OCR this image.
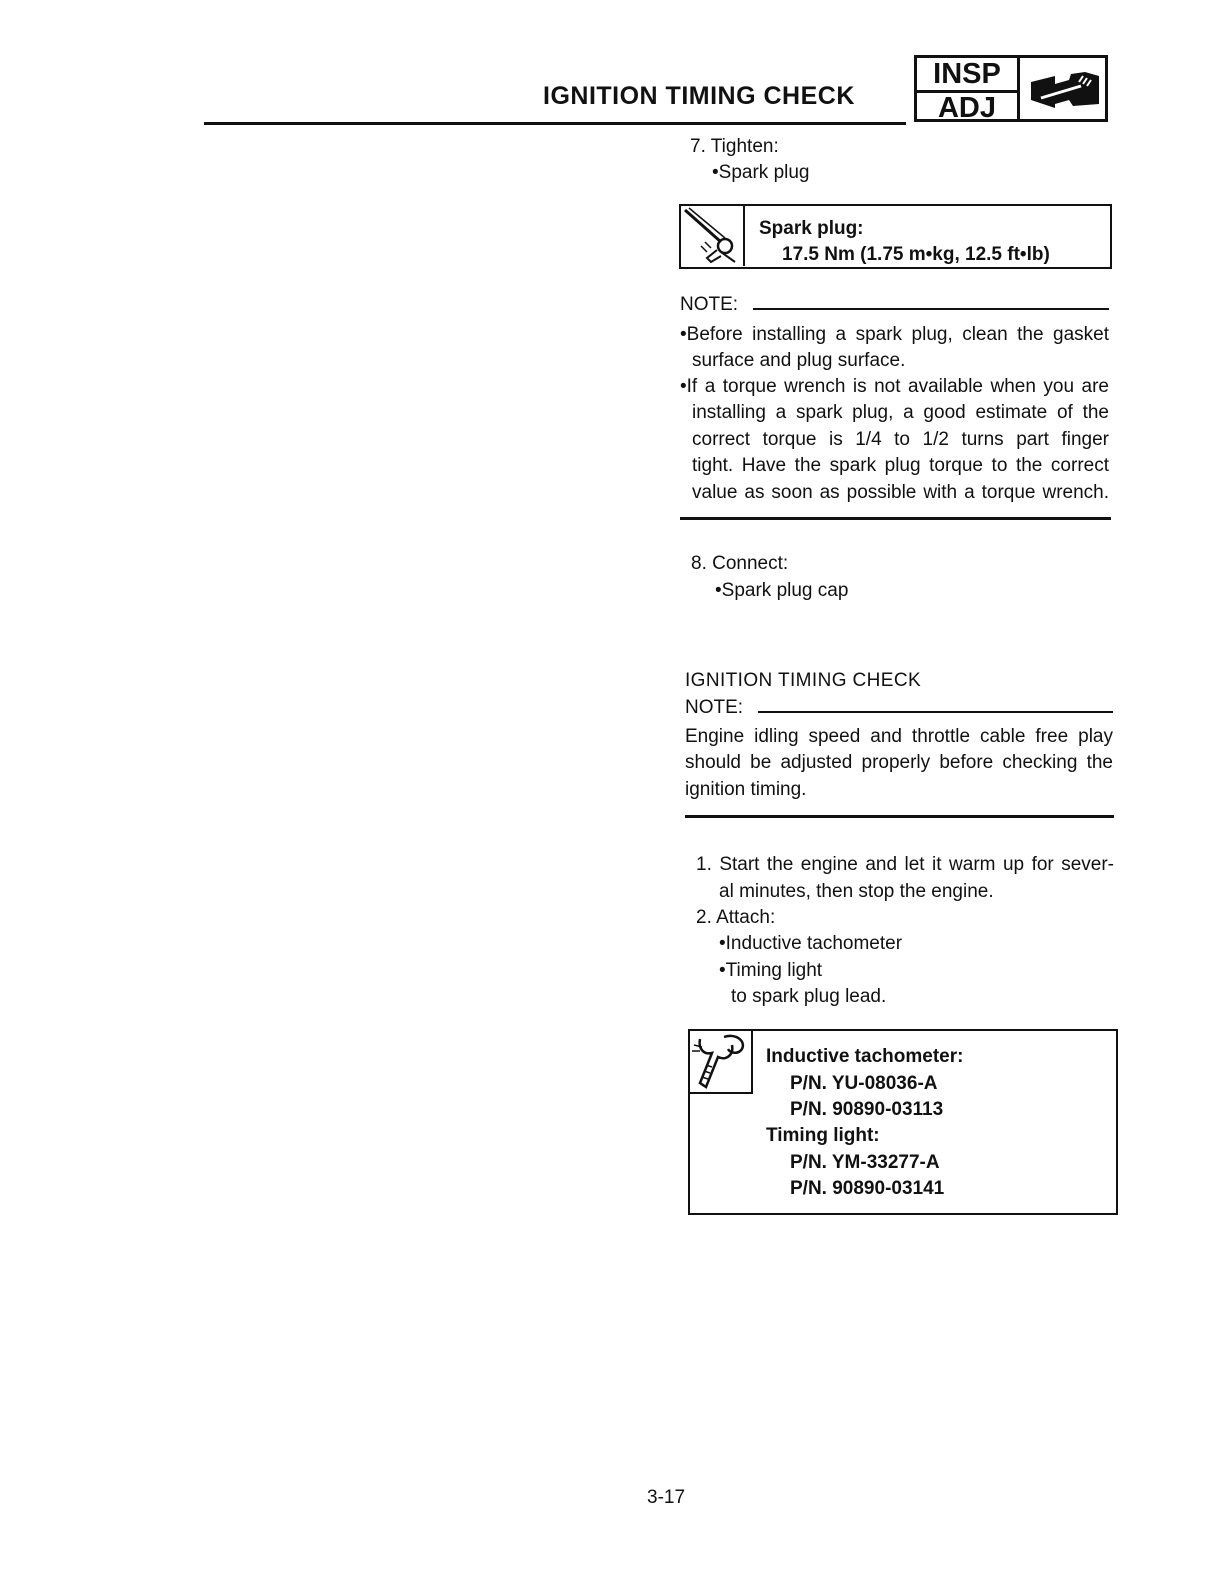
IGNITION TIMING CHECK
INSP
ADJ
7. Tighten:
•Spark plug
Spark plug:
17.5 Nm (1.75 m•kg, 12.5 ft•lb)
NOTE:
•Before installing a spark plug, clean the gasket
surface and plug surface.
•If a torque wrench is not available when you are
installing a spark plug, a good estimate of the
correct torque is 1/4 to 1/2 turns part finger
tight. Have the spark plug torque to the correct
value as soon as possible with a torque wrench.
8. Connect:
•Spark plug cap
IGNITION TIMING CHECK
NOTE:
Engine idling speed and throttle cable free play
should be adjusted properly before checking the
ignition timing.
1. Start the engine and let it warm up for sever-
al minutes, then stop the engine.
2. Attach:
•Inductive tachometer
•Timing light
to spark plug lead.
Inductive tachometer:
P/N. YU-08036-A
P/N. 90890-03113
Timing light:
P/N. YM-33277-A
P/N. 90890-03141
3-17
